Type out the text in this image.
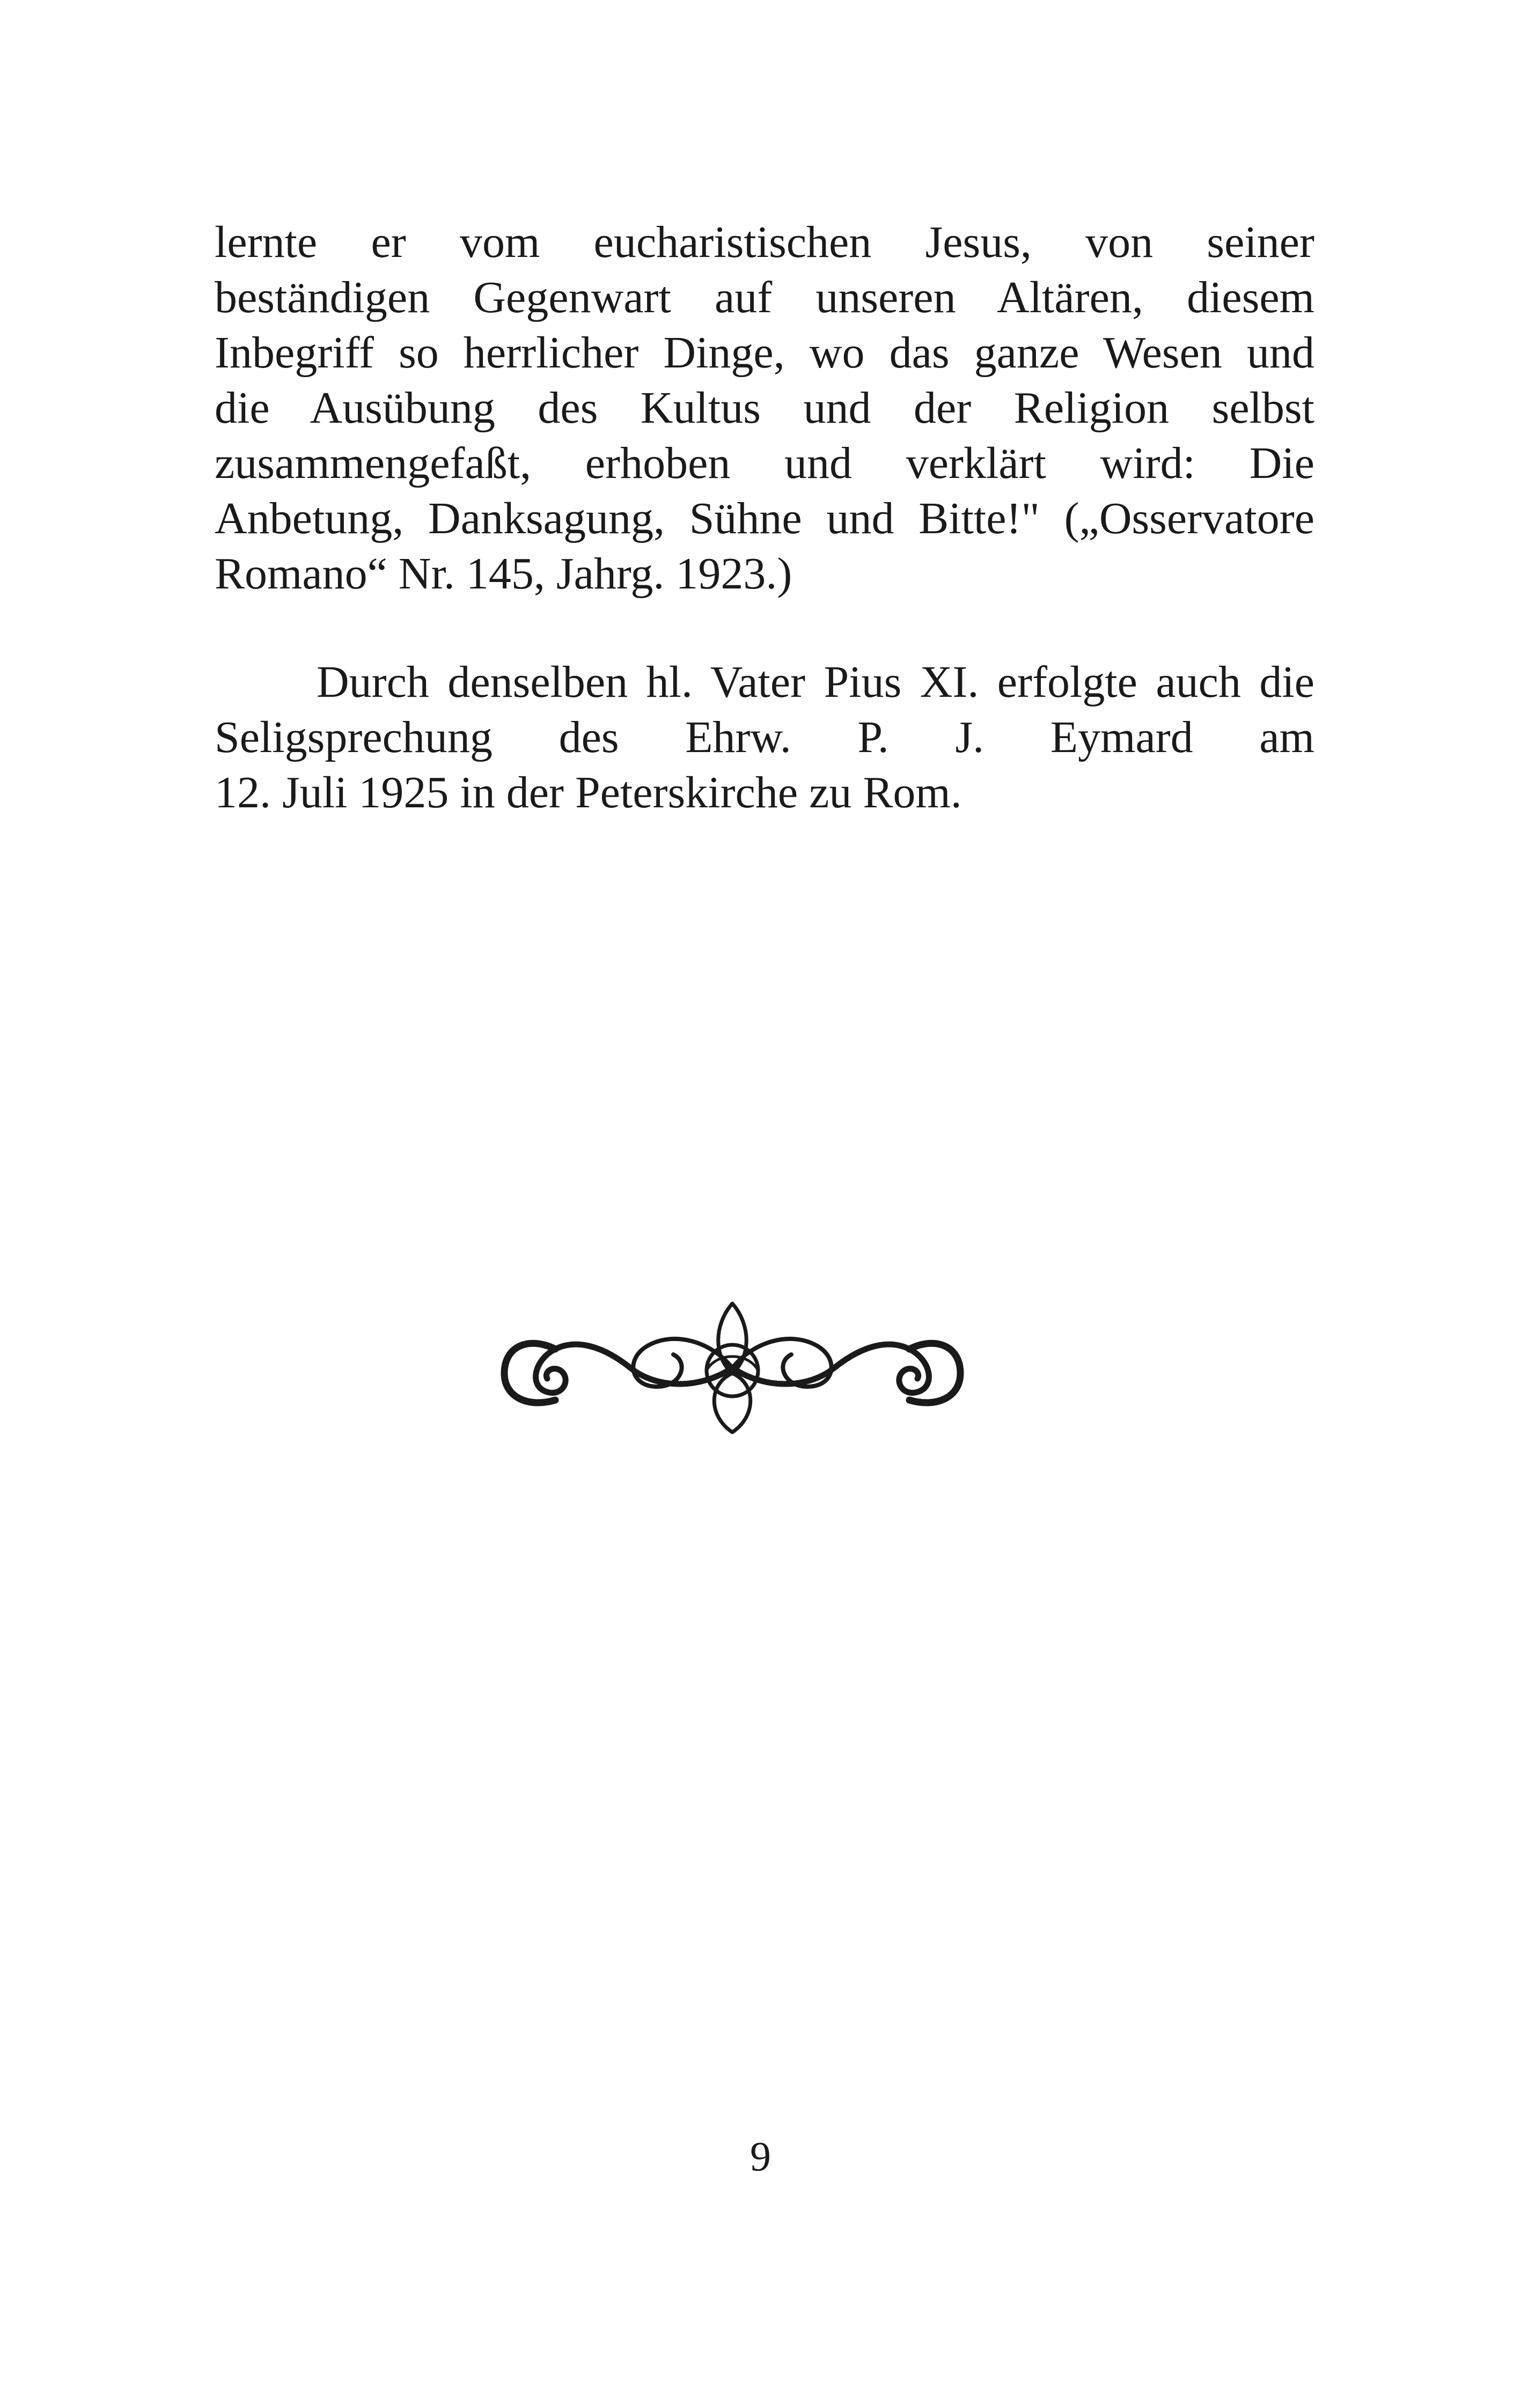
lernte er vom eucharistischen Jesus, von seiner
beständigen Gegenwart auf unseren Altären, diesem
Inbegriff so herrlicher Dinge, wo das ganze Wesen und
die Ausübung des Kultus und der Religion selbst
zusammengefaßt, erhoben und verklärt wird: Die
Anbetung, Danksagung, Sühne und Bitte!" („Osservatore
Romano“ Nr. 145, Jahrg. 1923.)
Durch denselben hl. Vater Pius XI. erfolgte auch die
Seligsprechung des Ehrw. P. J. Eymard am
12. Juli 1925 in der Peterskirche zu Rom.
9
